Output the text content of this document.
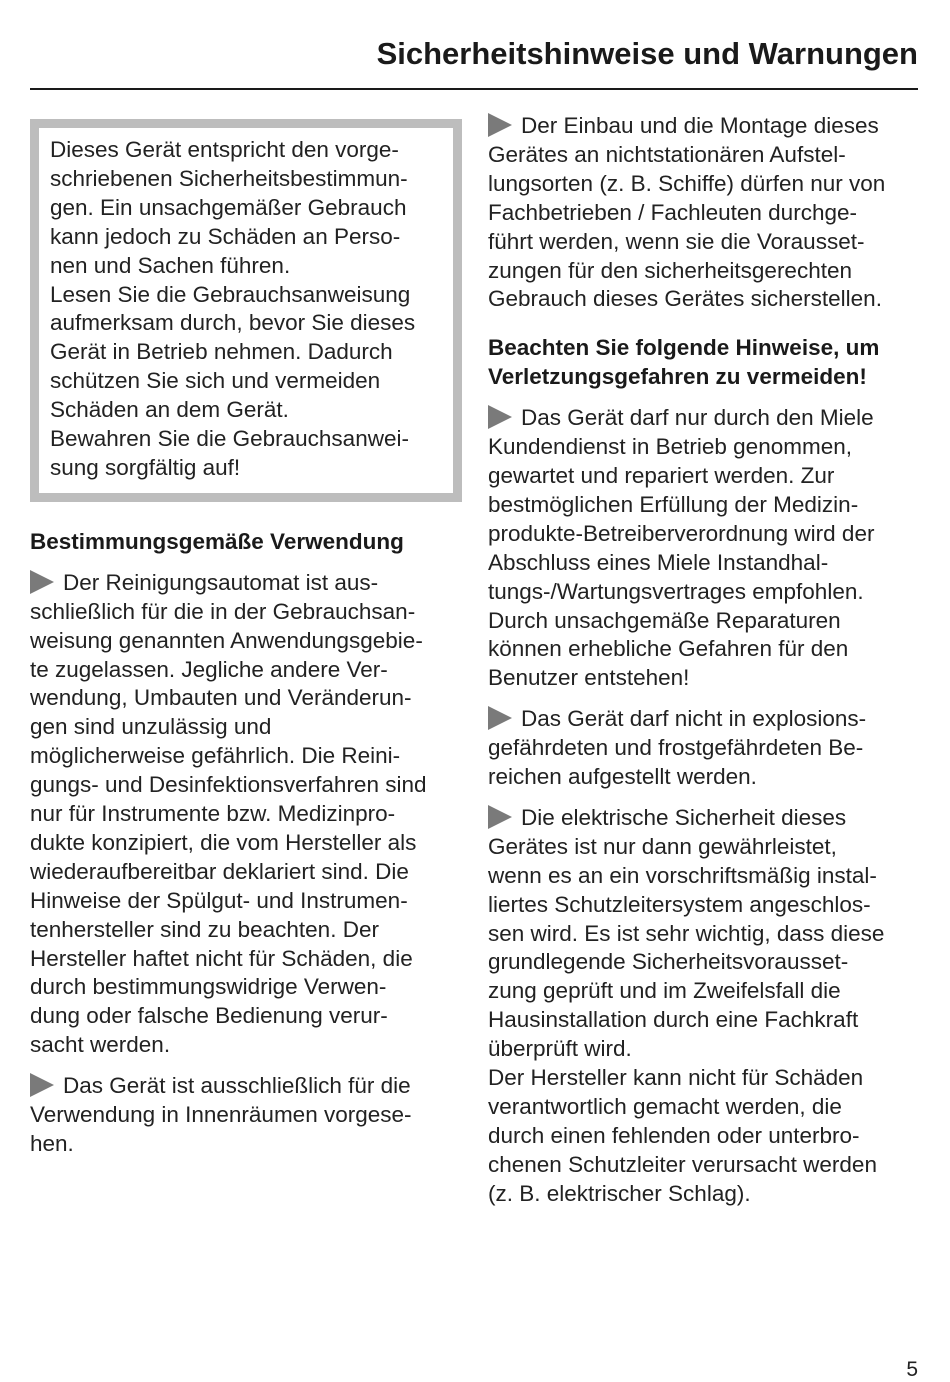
Sicherheitshinweise und Warnungen

Dieses Gerät entspricht den vorge-
schriebenen Sicherheitsbestimmun-
gen. Ein unsachgemäßer Gebrauch
kann jedoch zu Schäden an Perso-
nen und Sachen führen.
Lesen Sie die Gebrauchsanweisung
aufmerksam durch, bevor Sie dieses
Gerät in Betrieb nehmen. Dadurch
schützen Sie sich und vermeiden
Schäden an dem Gerät.
Bewahren Sie die Gebrauchsanwei-
sung sorgfältig auf!

Bestimmungsgemäße Verwendung

Der Reinigungsautomat ist aus-
schließlich für die in der Gebrauchsan-
weisung genannten Anwendungsgebie-
te zugelassen. Jegliche andere Ver-
wendung, Umbauten und Veränderun-
gen sind unzulässig und
möglicherweise gefährlich. Die Reini-
gungs- und Desinfektionsverfahren sind
nur für Instrumente bzw. Medizinpro-
dukte konzipiert, die vom Hersteller als
wiederaufbereitbar deklariert sind. Die
Hinweise der Spülgut- und Instrumen-
tenhersteller sind zu beachten. Der
Hersteller haftet nicht für Schäden, die
durch bestimmungswidrige Verwen-
dung oder falsche Bedienung verur-
sacht werden.

Das Gerät ist ausschließlich für die
Verwendung in Innenräumen vorgese-
hen.

Der Einbau und die Montage dieses
Gerätes an nichtstationären Aufstel-
lungsorten (z. B. Schiffe) dürfen nur von
Fachbetrieben / Fachleuten durchge-
führt werden, wenn sie die Vorausset-
zungen für den sicherheitsgerechten
Gebrauch dieses Gerätes sicherstellen.

Beachten Sie folgende Hinweise, um
Verletzungsgefahren zu vermeiden!

Das Gerät darf nur durch den Miele
Kundendienst in Betrieb genommen,
gewartet und repariert werden. Zur
bestmöglichen Erfüllung der Medizin-
produkte-Betreiberverordnung wird der
Abschluss eines Miele Instandhal-
tungs-/Wartungsvertrages empfohlen.
Durch unsachgemäße Reparaturen
können erhebliche Gefahren für den
Benutzer entstehen!

Das Gerät darf nicht in explosions-
gefährdeten und frostgefährdeten Be-
reichen aufgestellt werden.

Die elektrische Sicherheit dieses
Gerätes ist nur dann gewährleistet,
wenn es an ein vorschriftsmäßig instal-
liertes Schutzleitersystem angeschlos-
sen wird. Es ist sehr wichtig, dass diese
grundlegende Sicherheitsvorausset-
zung geprüft und im Zweifelsfall die
Hausinstallation durch eine Fachkraft
überprüft wird.
Der Hersteller kann nicht für Schäden
verantwortlich gemacht werden, die
durch einen fehlenden oder unterbro-
chenen Schutzleiter verursacht werden
(z. B. elektrischer Schlag).

5
